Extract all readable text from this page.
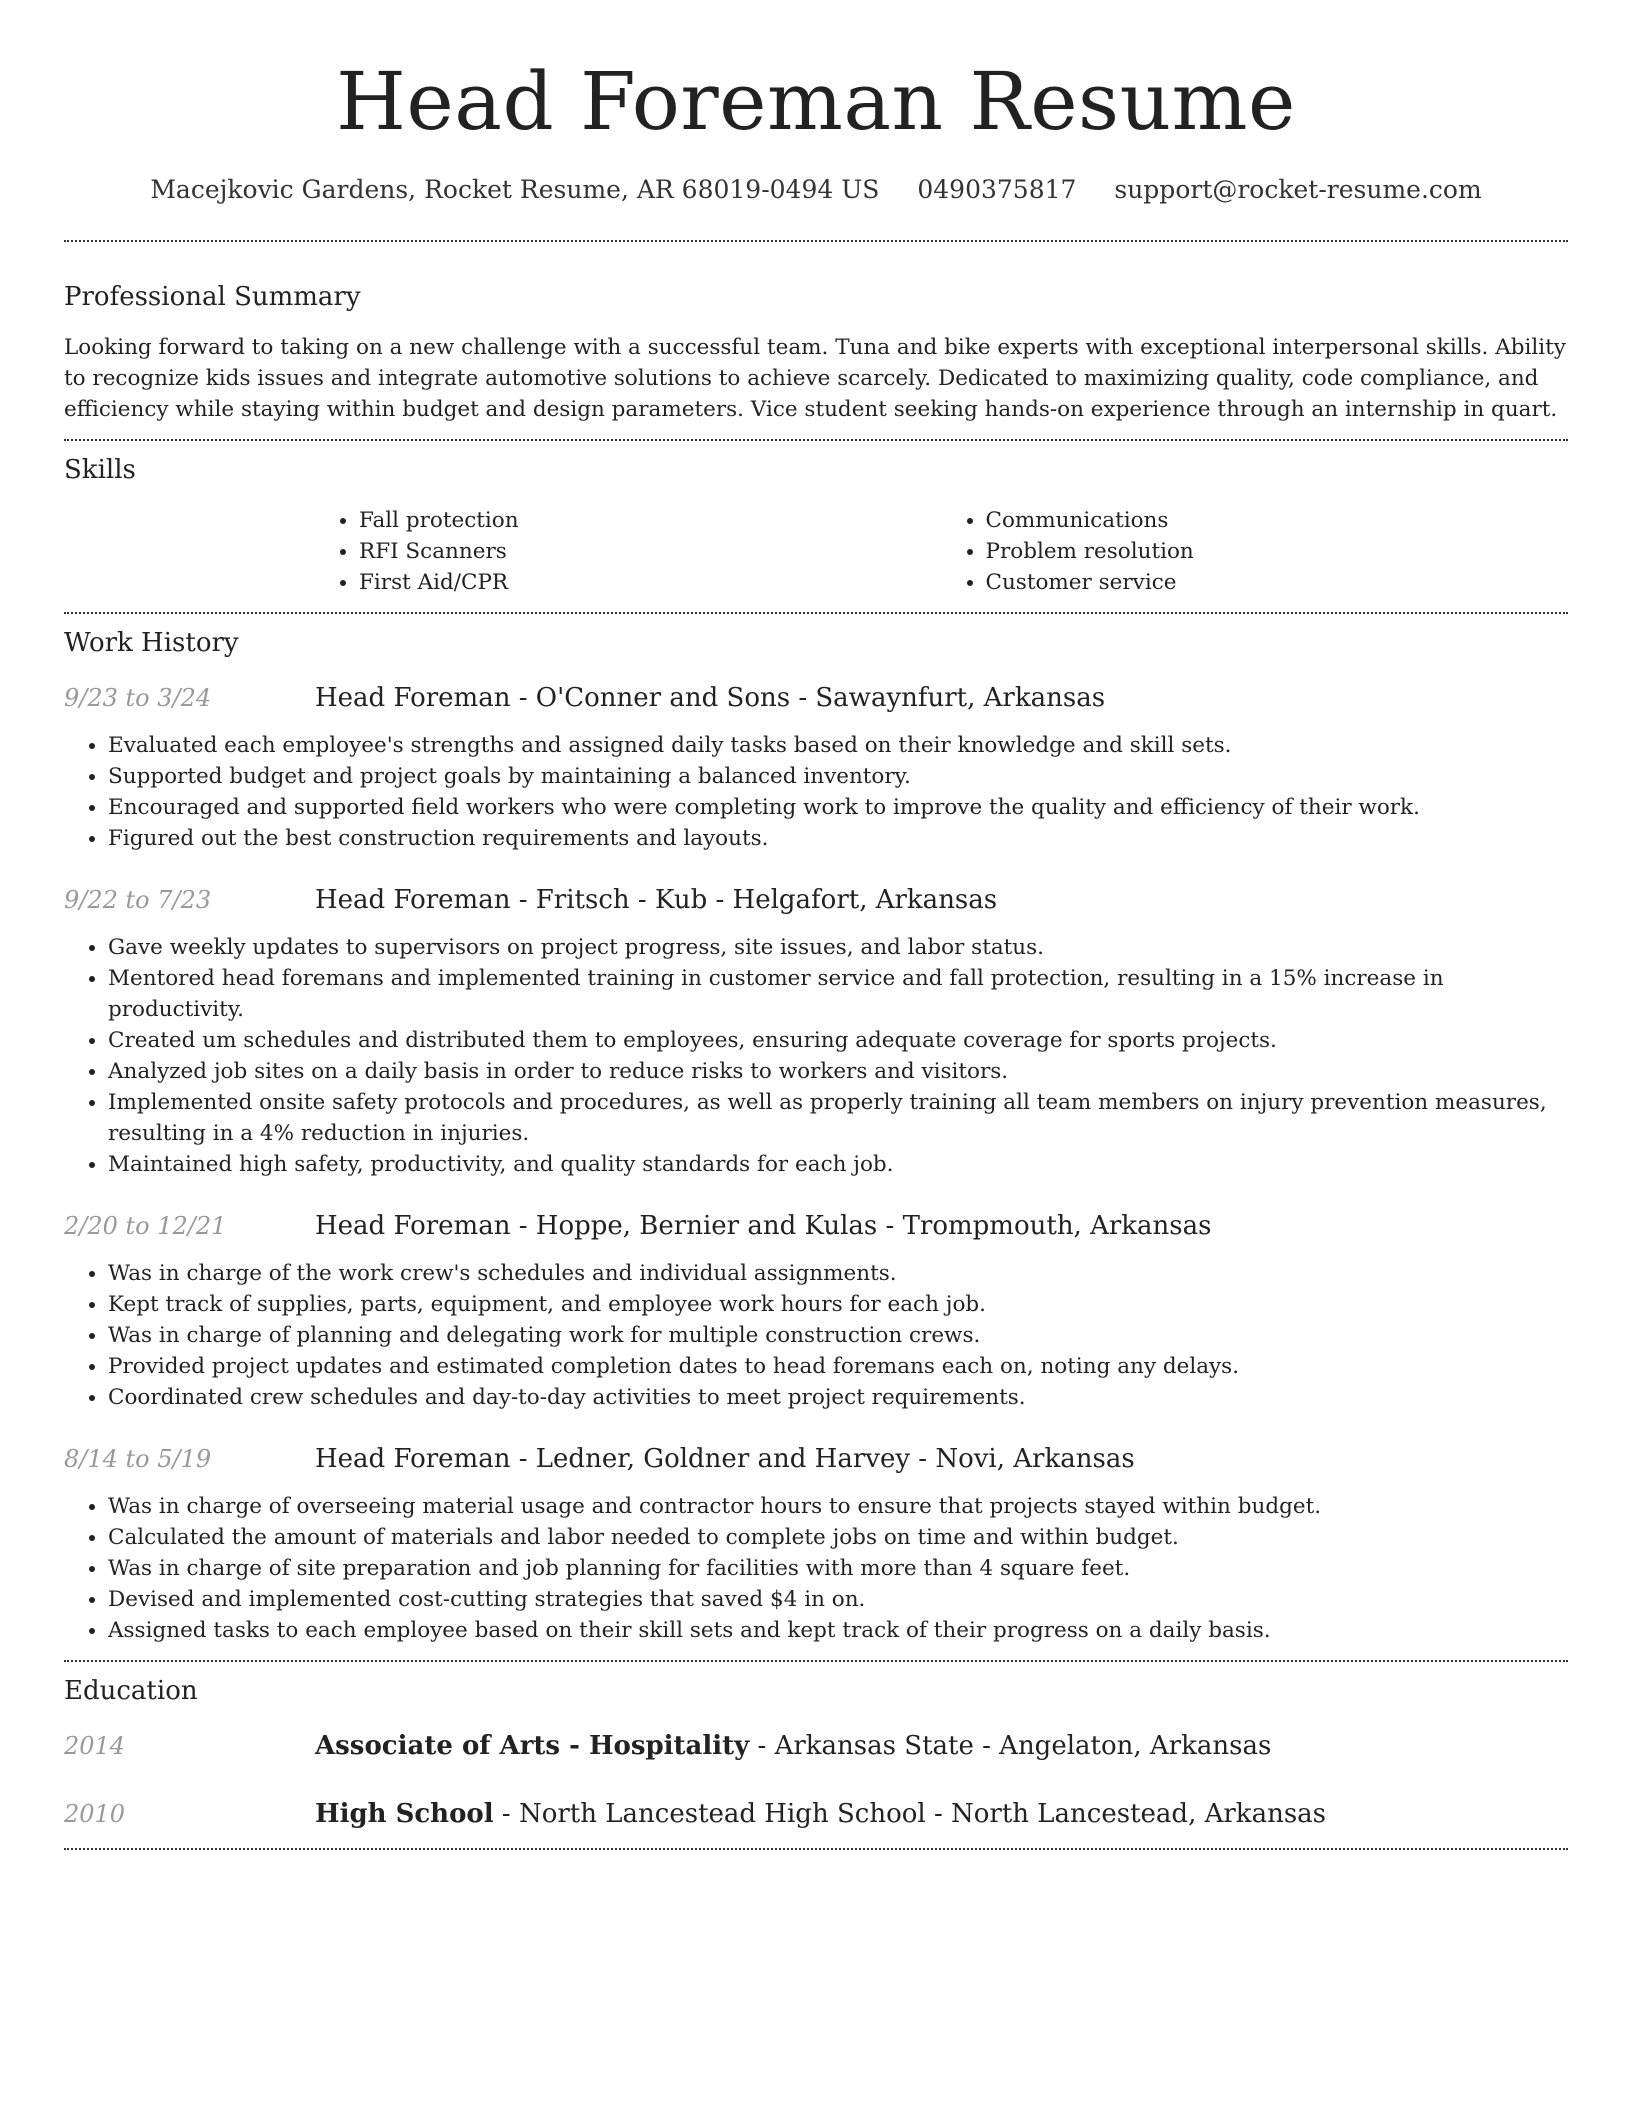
Head Foreman Resume
Macejkovic Gardens, Rocket Resume, AR 68019-0494 US 0490375817 support@rocket-resume.com
Professional Summary

Looking forward to taking on a new challenge with a successful team. Tuna and bike experts with exceptional interpersonal skills. Ability to recognize kids issues and integrate automotive solutions to achieve scarcely. Dedicated to maximizing quality, code compliance, and efficiency while staying within budget and design parameters. Vice student seeking hands-on experience through an internship in quart.

Skills
• Fall protection
• RFI Scanners
• First Aid/CPR
• Communications
• Problem resolution
• Customer service
Work History
9/23 to 3/24	Head Foreman - O'Conner and Sons - Sawaynfurt, Arkansas
• Evaluated each employee's strengths and assigned daily tasks based on their knowledge and skill sets.
• Supported budget and project goals by maintaining a balanced inventory.
• Encouraged and supported field workers who were completing work to improve the quality and efficiency of their work.
• Figured out the best construction requirements and layouts.
9/22 to 7/23	Head Foreman - Fritsch - Kub - Helgafort, Arkansas
• Gave weekly updates to supervisors on project progress, site issues, and labor status.
• Mentored head foremans and implemented training in customer service and fall protection, resulting in a 15% increase in productivity.
• Created um schedules and distributed them to employees, ensuring adequate coverage for sports projects.
• Analyzed job sites on a daily basis in order to reduce risks to workers and visitors.
• Implemented onsite safety protocols and procedures, as well as properly training all team members on injury prevention measures, resulting in a 4% reduction in injuries.
• Maintained high safety, productivity, and quality standards for each job.
2/20 to 12/21	Head Foreman - Hoppe, Bernier and Kulas - Trompmouth, Arkansas
• Was in charge of the work crew's schedules and individual assignments.
• Kept track of supplies, parts, equipment, and employee work hours for each job.
• Was in charge of planning and delegating work for multiple construction crews.
• Provided project updates and estimated completion dates to head foremans each on, noting any delays.
• Coordinated crew schedules and day-to-day activities to meet project requirements.
8/14 to 5/19	Head Foreman - Ledner, Goldner and Harvey - Novi, Arkansas
• Was in charge of overseeing material usage and contractor hours to ensure that projects stayed within budget.
• Calculated the amount of materials and labor needed to complete jobs on time and within budget.
• Was in charge of site preparation and job planning for facilities with more than 4 square feet.
• Devised and implemented cost-cutting strategies that saved $4 in on.
• Assigned tasks to each employee based on their skill sets and kept track of their progress on a daily basis.
Education
2014	Associate of Arts - Hospitality - Arkansas State - Angelaton, Arkansas
2010	High School - North Lancestead High School - North Lancestead, Arkansas
